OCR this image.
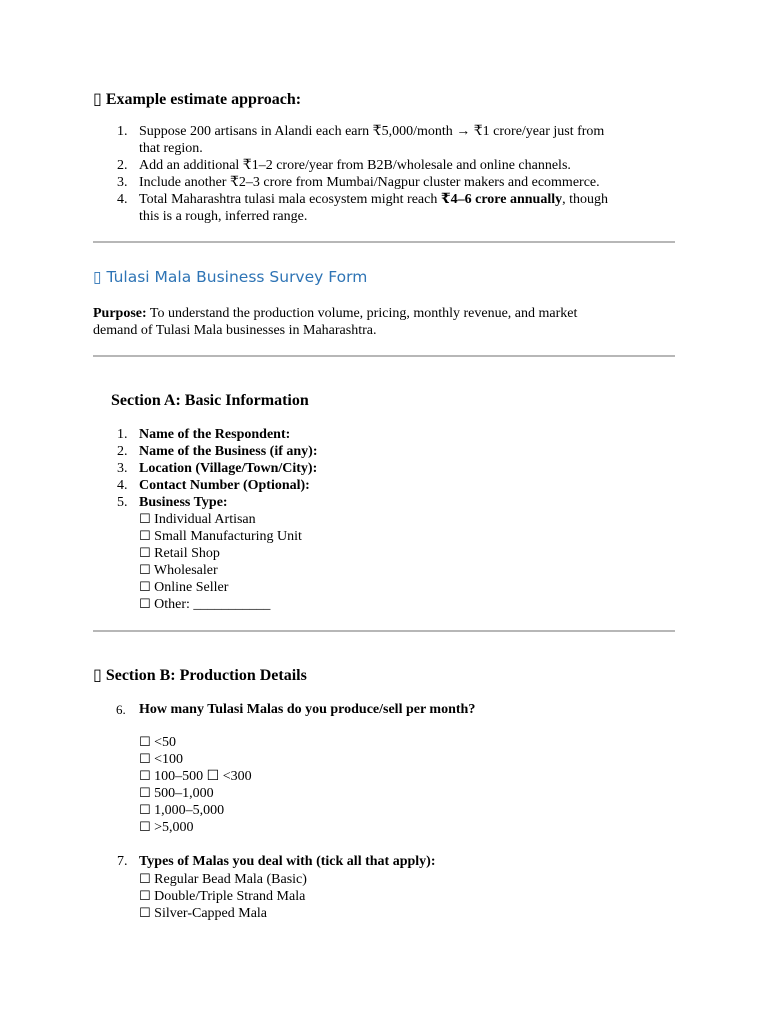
▯ Example estimate approach:
1. Suppose 200 artisans in Alandi each earn ₹5,000/month → ₹1 crore/year just from
that region.
2. Add an additional ₹1–2 crore/year from B2B/wholesale and online channels.
3. Include another ₹2–3 crore from Mumbai/Nagpur cluster makers and ecommerce.
4. Total Maharashtra tulasi mala ecosystem might reach ₹4–6 crore annually, though
this is a rough, inferred range.
▯ Tulasi Mala Business Survey Form
Purpose: To understand the production volume, pricing, monthly revenue, and market
demand of Tulasi Mala businesses in Maharashtra.
Section A: Basic Information
1. Name of the Respondent:
2. Name of the Business (if any):
3. Location (Village/Town/City):
4. Contact Number (Optional):
5. Business Type:
☐ Individual Artisan
☐ Small Manufacturing Unit
☐ Retail Shop
☐ Wholesaler
☐ Online Seller
☐ Other: ___________
▯ Section B: Production Details
6. How many Tulasi Malas do you produce/sell per month?
☐ <50
☐ <100
☐ 100–500 ☐ <300
☐ 500–1,000
☐ 1,000–5,000
☐ >5,000
7. Types of Malas you deal with (tick all that apply):
☐ Regular Bead Mala (Basic)
☐ Double/Triple Strand Mala
☐ Silver-Capped Mala
